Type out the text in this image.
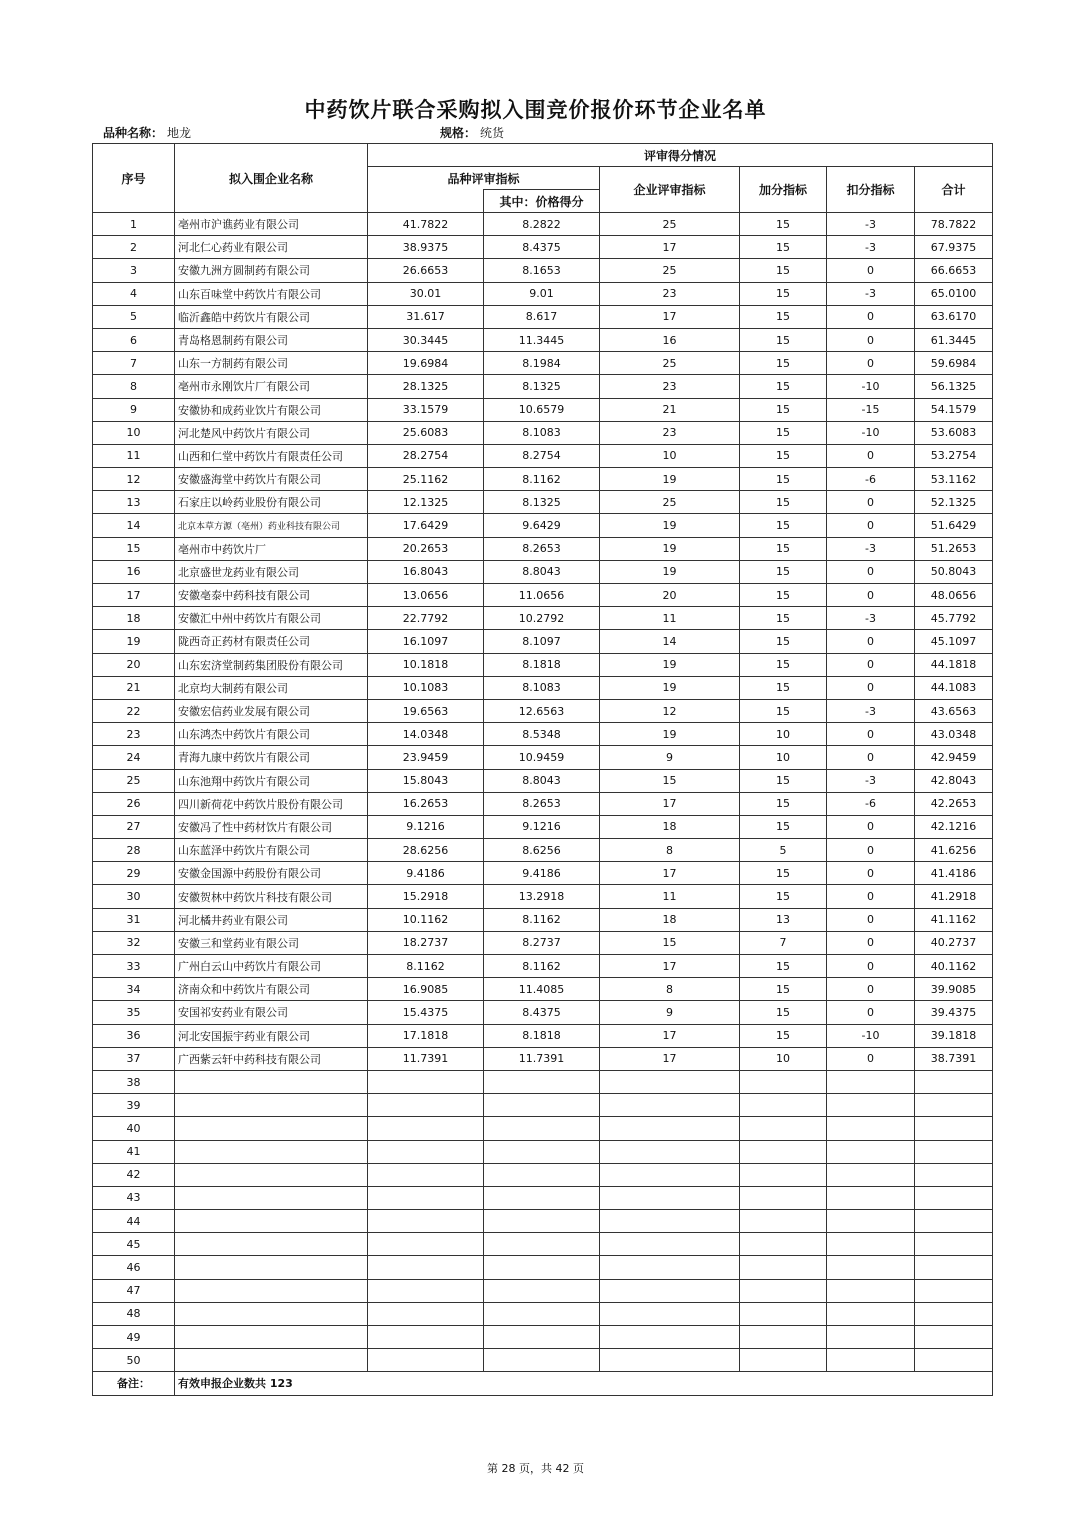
中药饮片联合采购拟入围竞价报价环节企业名单
品种名称： 地龙	规格： 统货
序号	拟入围企业名称	评审得分情况					
		品种评审指标		企业评审指标	加分指标	扣分指标	合计
			其中：价格得分				
1	亳州市沪谯药业有限公司	41.7822	8.2822	25	15	-3	78.7822
2	河北仁心药业有限公司	38.9375	8.4375	17	15	-3	67.9375
3	安徽九洲方圆制药有限公司	26.6653	8.1653	25	15	0	66.6653
4	山东百味堂中药饮片有限公司	30.01	9.01	23	15	-3	65.0100
5	临沂鑫皓中药饮片有限公司	31.617	8.617	17	15	0	63.6170
6	青岛格恩制药有限公司	30.3445	11.3445	16	15	0	61.3445
7	山东一方制药有限公司	19.6984	8.1984	25	15	0	59.6984
8	亳州市永刚饮片厂有限公司	28.1325	8.1325	23	15	-10	56.1325
9	安徽协和成药业饮片有限公司	33.1579	10.6579	21	15	-15	54.1579
10	河北楚风中药饮片有限公司	25.6083	8.1083	23	15	-10	53.6083
11	山西和仁堂中药饮片有限责任公司	28.2754	8.2754	10	15	0	53.2754
12	安徽盛海堂中药饮片有限公司	25.1162	8.1162	19	15	-6	53.1162
13	石家庄以岭药业股份有限公司	12.1325	8.1325	25	15	0	52.1325
14	北京本草方源（亳州）药业科技有限公司	17.6429	9.6429	19	15	0	51.6429
15	亳州市中药饮片厂	20.2653	8.2653	19	15	-3	51.2653
16	北京盛世龙药业有限公司	16.8043	8.8043	19	15	0	50.8043
17	安徽亳泰中药科技有限公司	13.0656	11.0656	20	15	0	48.0656
18	安徽汇中州中药饮片有限公司	22.7792	10.2792	11	15	-3	45.7792
19	陇西奇正药材有限责任公司	16.1097	8.1097	14	15	0	45.1097
20	山东宏济堂制药集团股份有限公司	10.1818	8.1818	19	15	0	44.1818
21	北京均大制药有限公司	10.1083	8.1083	19	15	0	44.1083
22	安徽宏信药业发展有限公司	19.6563	12.6563	12	15	-3	43.6563
23	山东鸿杰中药饮片有限公司	14.0348	8.5348	19	10	0	43.0348
24	青海九康中药饮片有限公司	23.9459	10.9459	9	10	0	42.9459
25	山东池翔中药饮片有限公司	15.8043	8.8043	15	15	-3	42.8043
26	四川新荷花中药饮片股份有限公司	16.2653	8.2653	17	15	-6	42.2653
27	安徽冯了性中药材饮片有限公司	9.1216	9.1216	18	15	0	42.1216
28	山东蓝泽中药饮片有限公司	28.6256	8.6256	8	5	0	41.6256
29	安徽金国源中药股份有限公司	9.4186	9.4186	17	15	0	41.4186
30	安徽贺林中药饮片科技有限公司	15.2918	13.2918	11	15	0	41.2918
31	河北橘井药业有限公司	10.1162	8.1162	18	13	0	41.1162
32	安徽三和堂药业有限公司	18.2737	8.2737	15	7	0	40.2737
33	广州白云山中药饮片有限公司	8.1162	8.1162	17	15	0	40.1162
34	济南众和中药饮片有限公司	16.9085	11.4085	8	15	0	39.9085
35	安国祁安药业有限公司	15.4375	8.4375	9	15	0	39.4375
36	河北安国振宇药业有限公司	17.1818	8.1818	17	15	-10	39.1818
37	广西紫云轩中药科技有限公司	11.7391	11.7391	17	10	0	38.7391
38							
39							
40							
41							
42							
43							
44							
45							
46							
47							
48							
49							
50							
备注：	有效申报企业数共 123						
第 28 页，共 42 页
